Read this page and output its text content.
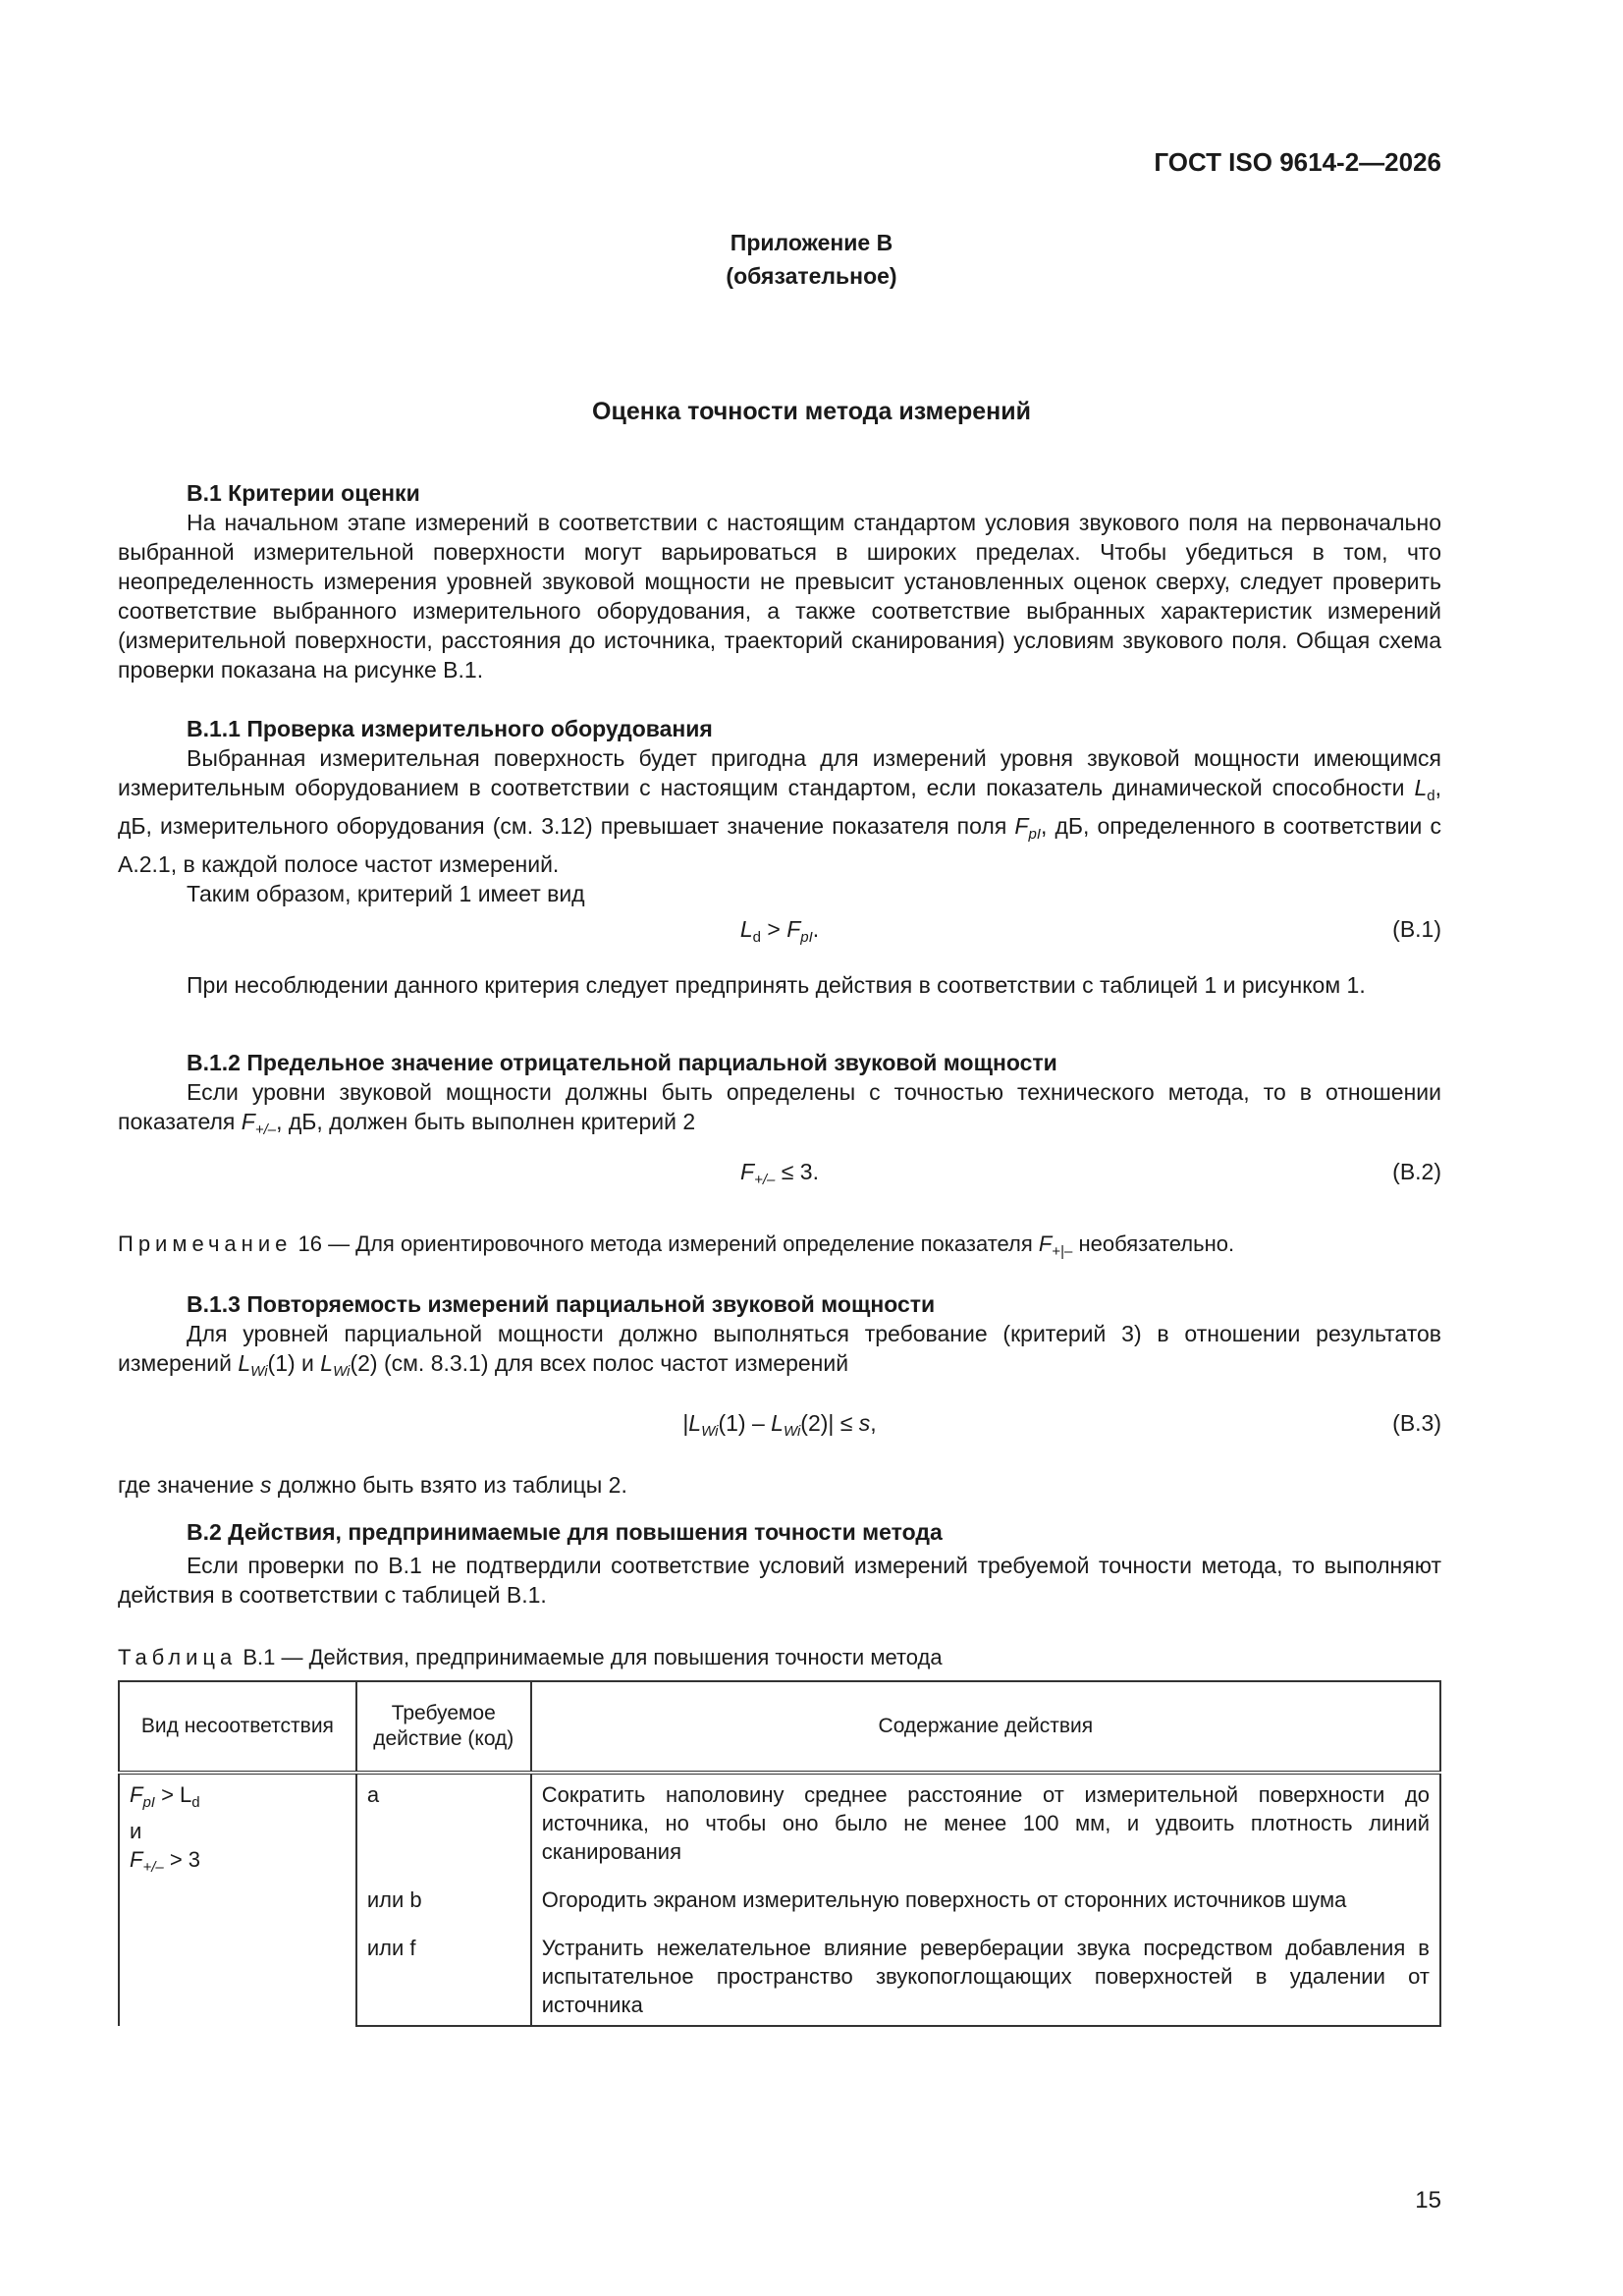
ГОСТ ISO 9614-2—2026
Приложение В
(обязательное)
Оценка точности метода измерений
В.1 Критерии оценки
На начальном этапе измерений в соответствии с настоящим стандартом условия звукового поля на первоначально выбранной измерительной поверхности могут варьироваться в широких пределах. Чтобы убедиться в том, что неопределенность измерения уровней звуковой мощности не превысит установленных оценок сверху, следует проверить соответствие выбранного измерительного оборудования, а также соответствие выбранных характеристик измерений (измерительной поверхности, расстояния до источника, траекторий сканирования) условиям звукового поля. Общая схема проверки показана на рисунке В.1.
В.1.1 Проверка измерительного оборудования
Выбранная измерительная поверхность будет пригодна для измерений уровня звуковой мощности имеющимся измерительным оборудованием в соответствии с настоящим стандартом, если показатель динамической способности $L_d$, дБ, измерительного оборудования (см. 3.12) превышает значение показателя поля $F_{pI}$, дБ, определенного в соответствии с А.2.1, в каждой полосе частот измерений.
Таким образом, критерий 1 имеет вид
$L_d > F_{pI}$.	(В.1)
При несоблюдении данного критерия следует предпринять действия в соответствии с таблицей 1 и рисунком 1.
В.1.2 Предельное значение отрицательной парциальной звуковой мощности
Если уровни звуковой мощности должны быть определены с точностью технического метода, то в отношении показателя $F_{+/-}$, дБ, должен быть выполнен критерий 2
$F_{+/-} \le 3$.	(В.2)
Примечание 16 — Для ориентировочного метода измерений определение показателя $F_{+|-}$ необязательно.
В.1.3 Повторяемость измерений парциальной звуковой мощности
Для уровней парциальной мощности должно выполняться требование (критерий 3) в отношении результатов измерений $L_{Wi}(1)$ и $L_{Wi}(2)$ (см. 8.3.1) для всех полос частот измерений
$|L_{Wi}(1) - L_{Wi}(2)| \le s$,	(В.3)
где значение s должно быть взято из таблицы 2.
В.2 Действия, предпринимаемые для повышения точности метода
Если проверки по В.1 не подтвердили соответствие условий измерений требуемой точности метода, то выполняют действия в соответствии с таблицей В.1.
Таблица В.1 — Действия, предпринимаемые для повышения точности метода
Вид несоответствия	Требуемое действие (код)	Содержание действия

$F_{pI} > L_d$
и
$F_{+/-} > 3$	a	Сократить наполовину среднее расстояние от измерительной поверхности до источника, но чтобы оно было не менее 100 мм, и удвоить плотность линий сканирования
	или b	Огородить экраном измерительную поверхность от сторонних источников шума
	или f	Устранить нежелательное влияние реверберации звука посредством добавления в испытательное пространство звукопоглощающих поверхностей в удалении от источника
15
